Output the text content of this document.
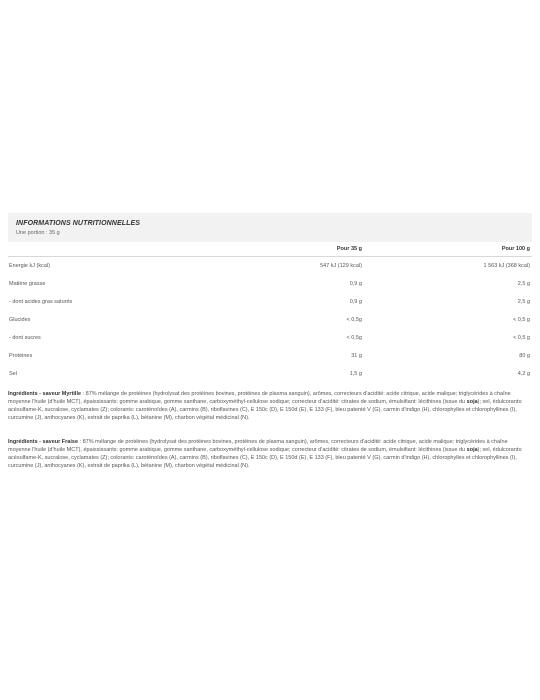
INFORMATIONS NUTRITIONNELLES
Une portion : 35 g
	Pour 35 g	Pour 100 g
Energie kJ (kcal)	547 kJ (129 kcal)	1 563 kJ (368 kcal)
Matière grasse	0,9 g	2,5 g
- dont acides gras saturés	0,9 g	2,5 g
Glucides	< 0,5g	< 0,5 g
- dont sucres	< 0,5g	< 0,5 g
Protéines	31 g	80 g
Sel	1,5 g	4,2 g
Ingrédients - saveur Myrtille : 87% mélange de protéines (hydrolysat des protéines bovines, protéines de plasma sanguin), arômes, correcteurs d'acidité: acide citrique, acide malique; triglycérides à chaîne moyenne l'huile (d'huile MCT), épaississants: gomme arabique, gomme xanthane, carboxyméthyl-cellulose sodique; correcteur d'acidité: citrates de sodium, émulsifiant: lécithines (issue du soja); sel, édulcorants: acésulfame-K, sucralose, cyclamates (Z); colorants: caroténoïdes (A), carmins (B), riboflavines (C), E 150c (D), E 150d (E), E 133 (F), bleu patenté V (G), carmin d'indigo (H), chlorophylles et chlorophyllines (I), curcumine (J), anthocyanes (K), extrait de paprika (L), bétanine (M), charbon végétal médicinal (N).
Ingrédients - saveur Fraise : 87% mélange de protéines (hydrolysat des protéines bovines, protéines de plasma sanguin), arômes, correcteurs d'acidité: acide citrique, acide malique; triglycérides à chaîne moyenne l'huile (d'huile MCT), épaississants: gomme arabique, gomme xanthane, carboxyméthyl-cellulose sodique; correcteur d'acidité: citrates de sodium, émulsifiant: lécithines (issue du soja); sel, édulcorants: acésulfame-K, sucralose, cyclamates (Z); colorants: caroténoïdes (A), carmins (B), riboflavines (C), E 150c (D), E 150d (E), E 133 (F), bleu patenté V (G), carmin d'indigo (H), chlorophylles et chlorophyllines (I), curcumine (J), anthocyanes (K), extrait de paprika (L), bétanine (M), charbon végétal médicinal (N).
